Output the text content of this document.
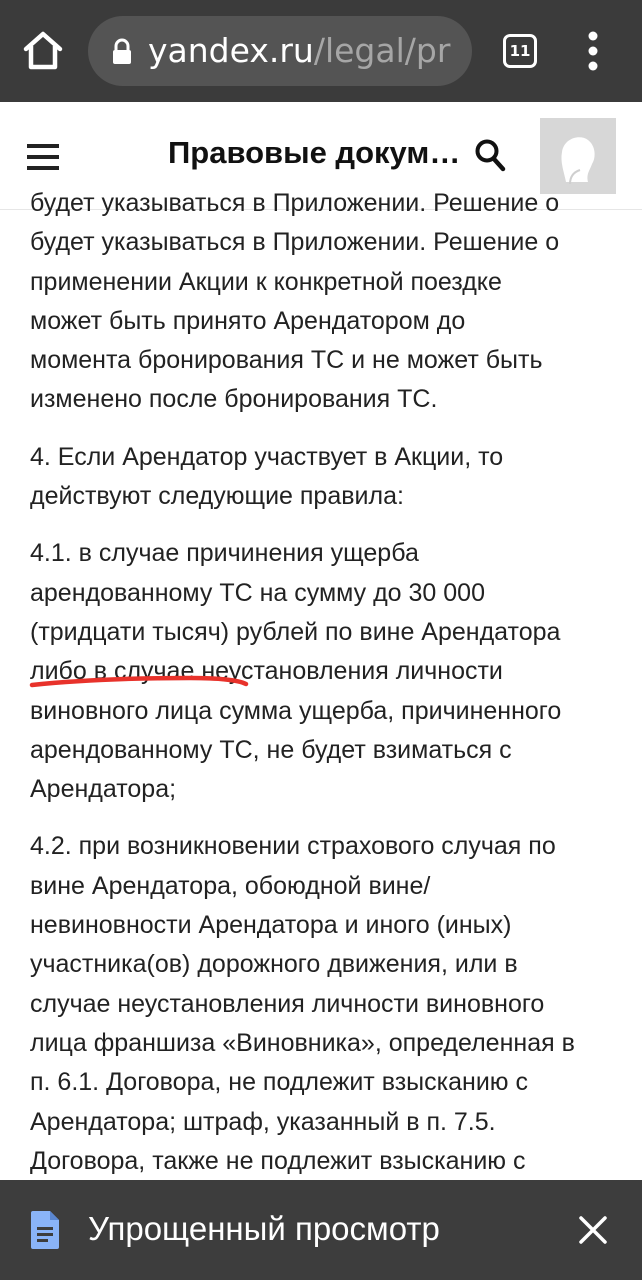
yandex.ru/legal/pr	11
Правовые докум…

будет указываться в Приложении. Решение о
будет указываться в Приложении. Решение о
применении Акции к конкретной поездке
может быть принято Арендатором до
момента бронирования ТС и не может быть
изменено после бронирования ТС.

4. Если Арендатор участвует в Акции, то
действуют следующие правила:

4.1. в случае причинения ущерба
арендованному ТС на сумму до 30 000
(тридцати тысяч) рублей по вине Арендатора
либо в случае неустановления личности
виновного лица сумма ущерба, причиненного
арендованному ТС, не будет взиматься с
Арендатора;

4.2. при возникновении страхового случая по
вине Арендатора, обоюдной вине/
невиновности Арендатора и иного (иных)
участника(ов) дорожного движения, или в
случае неустановления личности виновного
лица франшиза «Виновника», определенная в
п. 6.1. Договора, не подлежит взысканию с
Арендатора; штраф, указанный в п. 7.5.
Договора, также не подлежит взысканию с

Упрощенный просмотр
